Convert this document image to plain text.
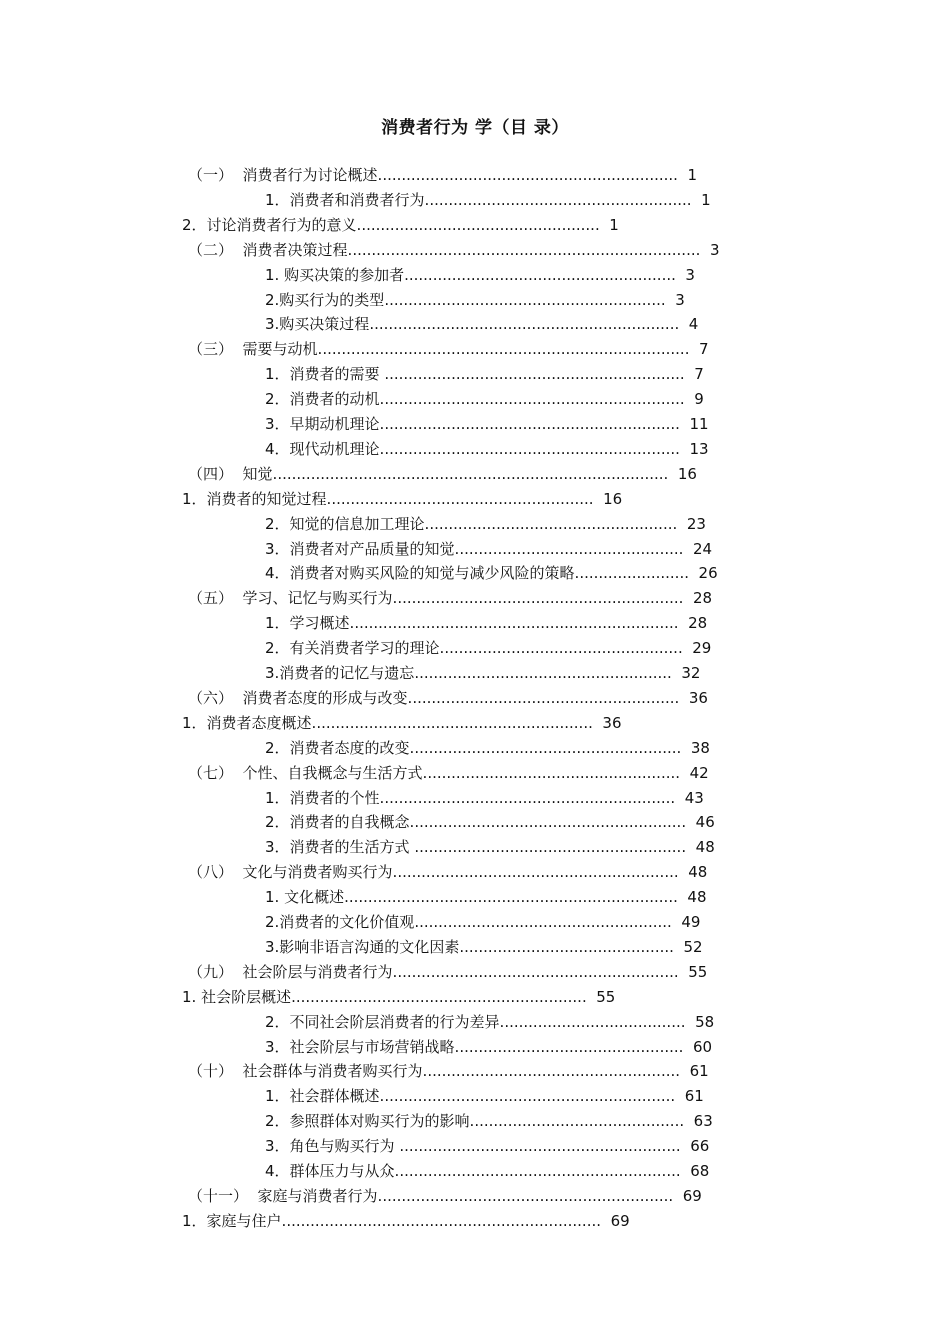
消费者行为 学（目 录）
（一）  消费者行为讨论概述............................................................... 1
1．消费者和消费者行为........................................................ 1
2．讨论消费者行为的意义................................................... 1
（二）  消费者决策过程.......................................................................... 3
1. 购买决策的参加者......................................................... 3
2.购买行为的类型........................................................... 3
3.购买决策过程................................................................. 4
（三）  需要与动机.............................................................................. 7
1．消费者的需要 ............................................................... 7
2．消费者的动机................................................................ 9
3．早期动机理论............................................................... 11
4．现代动机理论............................................................... 13
（四）  知觉................................................................................... 16
1．消费者的知觉过程........................................................ 16
2．知觉的信息加工理论..................................................... 23
3．消费者对产品质量的知觉................................................ 24
4．消费者对购买风险的知觉与减少风险的策略........................ 26
（五）  学习、记忆与购买行为............................................................. 28
1．学习概述..................................................................... 28
2．有关消费者学习的理论................................................... 29
3.消费者的记忆与遗忘...................................................... 32
（六）  消费者态度的形成与改变......................................................... 36
1．消费者态度概述........................................................... 36
2．消费者态度的改变......................................................... 38
（七）  个性、自我概念与生活方式...................................................... 42
1．消费者的个性.............................................................. 43
2．消费者的自我概念.......................................................... 46
3．消费者的生活方式 ......................................................... 48
（八）  文化与消费者购买行为............................................................ 48
1. 文化概述...................................................................... 48
2.消费者的文化价值观...................................................... 49
3.影响非语言沟通的文化因素............................................. 52
（九）  社会阶层与消费者行为............................................................ 55
1. 社会阶层概述.............................................................. 55
2．不同社会阶层消费者的行为差异....................................... 58
3．社会阶层与市场营销战略................................................ 60
（十）  社会群体与消费者购买行为...................................................... 61
1．社会群体概述.............................................................. 61
2．参照群体对购买行为的影响............................................. 63
3．角色与购买行为 ........................................................... 66
4．群体压力与从众............................................................ 68
（十一）  家庭与消费者行为.............................................................. 69
1．家庭与住户................................................................... 69
